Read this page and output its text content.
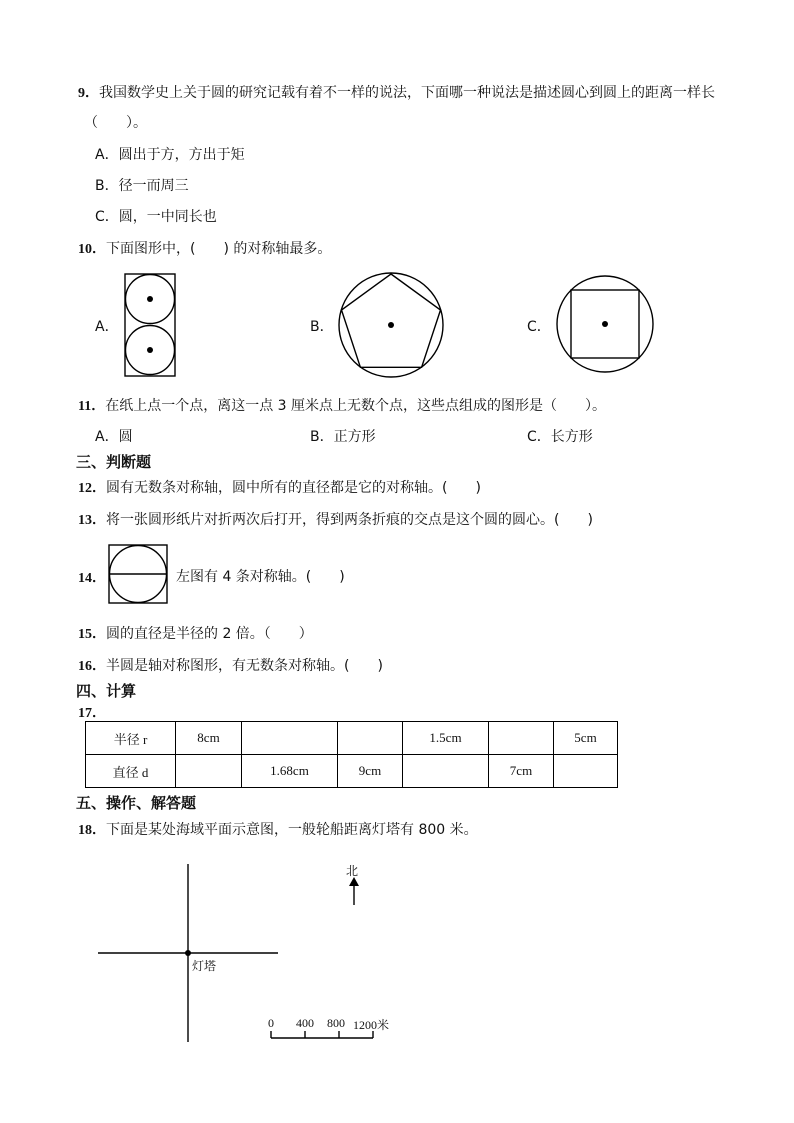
9．我国数学史上关于圆的研究记载有着不一样的说法，下面哪一种说法是描述圆心到圆上的距离一样长
（　　）。
A．圆出于方，方出于矩
B．径一而周三
C．圆，一中同长也
10．下面图形中，(　　) 的对称轴最多。
A．	B．	C．
11．在纸上点一个点，离这一点 3 厘米点上无数个点，这些点组成的图形是（　　）。
A．圆	B．正方形	C．长方形
三、判断题
12．圆有无数条对称轴，圆中所有的直径都是它的对称轴。(　　)
13．将一张圆形纸片对折两次后打开，得到两条折痕的交点是这个圆的圆心。(　　)
14．	左图有 4 条对称轴。(　　)
15．圆的直径是半径的 2 倍。（　　）
16．半圆是轴对称图形，有无数条对称轴。(　　)
四、计算
17．
半径 r	8cm			1.5cm		5cm
直径 d		1.68cm	9cm		7cm	
五、操作、解答题
18．下面是某处海域平面示意图，一般轮船距离灯塔有 800 米。
灯塔
北
0 400 800 1200米
